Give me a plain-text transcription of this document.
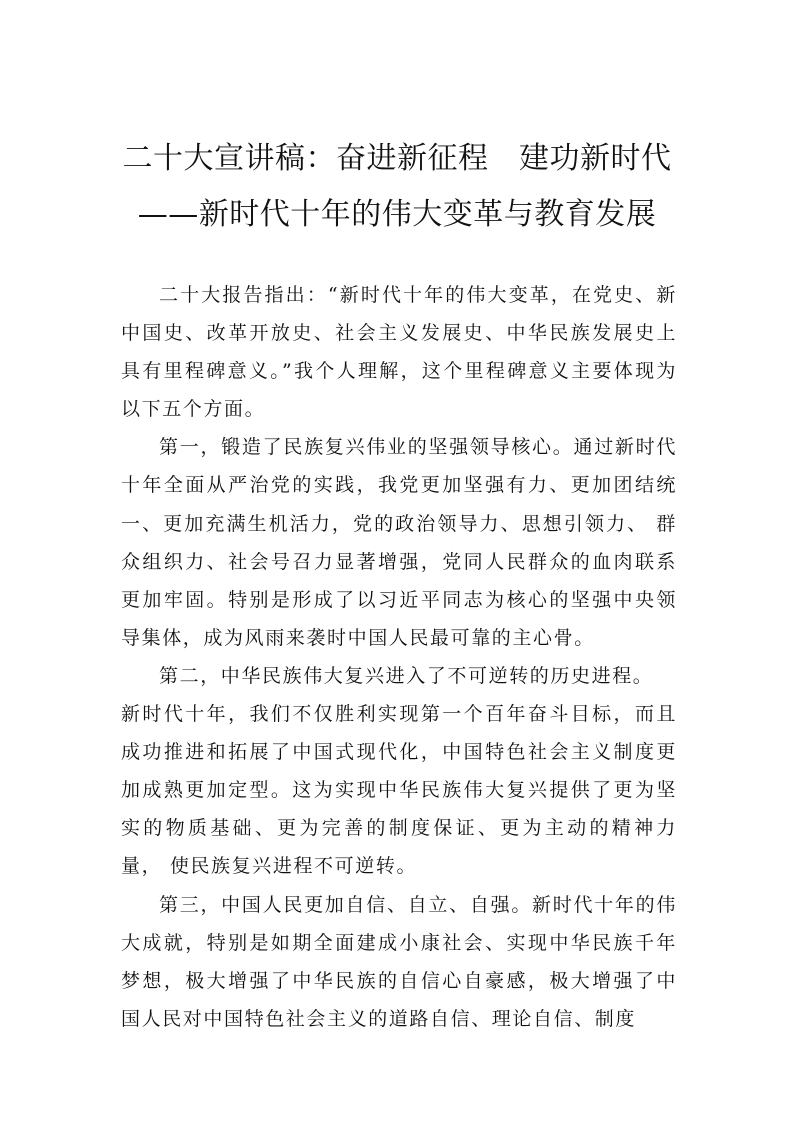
二十大宣讲稿：奋进新征程　建功新时代
——新时代十年的伟大变革与教育发展

二十大报告指出：“新时代十年的伟大变革，在党史、新中国史、改革开放史、社会主义发展史、中华民族发展史上具有里程碑意义。”我个人理解，这个里程碑意义主要体现为以下五个方面。

第一，锻造了民族复兴伟业的坚强领导核心。通过新时代十年全面从严治党的实践，我党更加坚强有力、更加团结统一、更加充满生机活力，党的政治领导力、思想引领力、 群众组织力、社会号召力显著增强，党同人民群众的血肉联系更加牢固。特别是形成了以习近平同志为核心的坚强中央领导集体，成为风雨来袭时中国人民最可靠的主心骨。

第二，中华民族伟大复兴进入了不可逆转的历史进程。

新时代十年，我们不仅胜利实现第一个百年奋斗目标，而且成功推进和拓展了中国式现代化，中国特色社会主义制度更加成熟更加定型。这为实现中华民族伟大复兴提供了更为坚实的物质基础、更为完善的制度保证、更为主动的精神力量， 使民族复兴进程不可逆转。

第三，中国人民更加自信、自立、自强。新时代十年的伟大成就，特别是如期全面建成小康社会、实现中华民族千年梦想，极大增强了中华民族的自信心自豪感，极大增强了中国人民对中国特色社会主义的道路自信、理论自信、制度
